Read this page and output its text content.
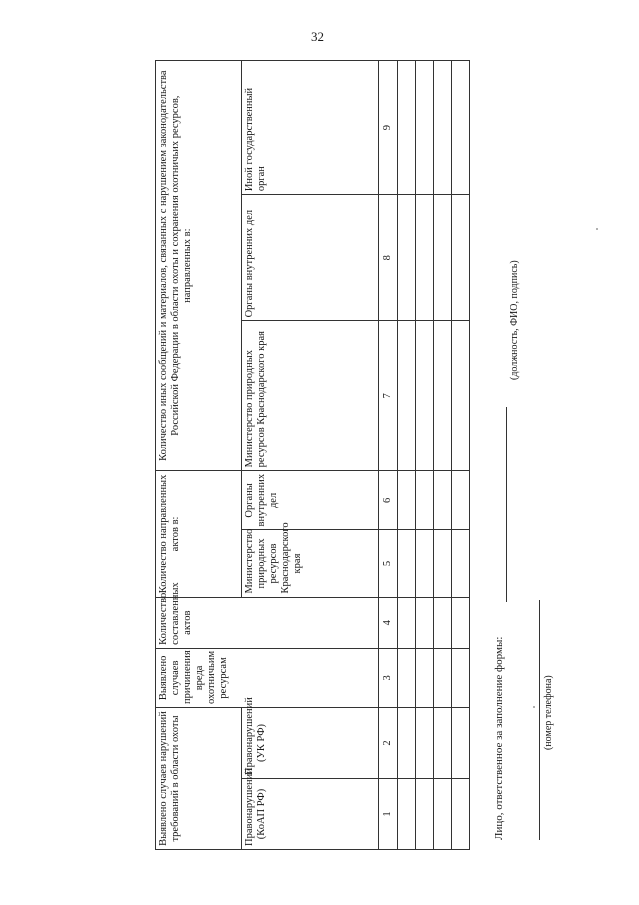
32
Выявлено случаев нарушений требований в области охоты		Выявлено случаев причинения вреда охотничьим ресурсам	Количество составленных актов	Количество направленных актов в:		Количество иных сообщений и материалов, связанных с нарушением законодательства Российской Федерации в области охоты и сохранения охотничьих ресурсов, направленных в:		
Правонарушений (КоАП РФ)	Правонарушений (УК РФ)			Министерство природных ресурсов Краснодарского края	Органы внутренних дел	Министерство природных ресурсов Краснодарского края	Органы внутренних дел	Иной государственный орган
1	2	3	4	5	6	7	8	9

Лицо, ответственное за заполнение формы:
(должность, ФИО, подпись)
(номер телефона)
